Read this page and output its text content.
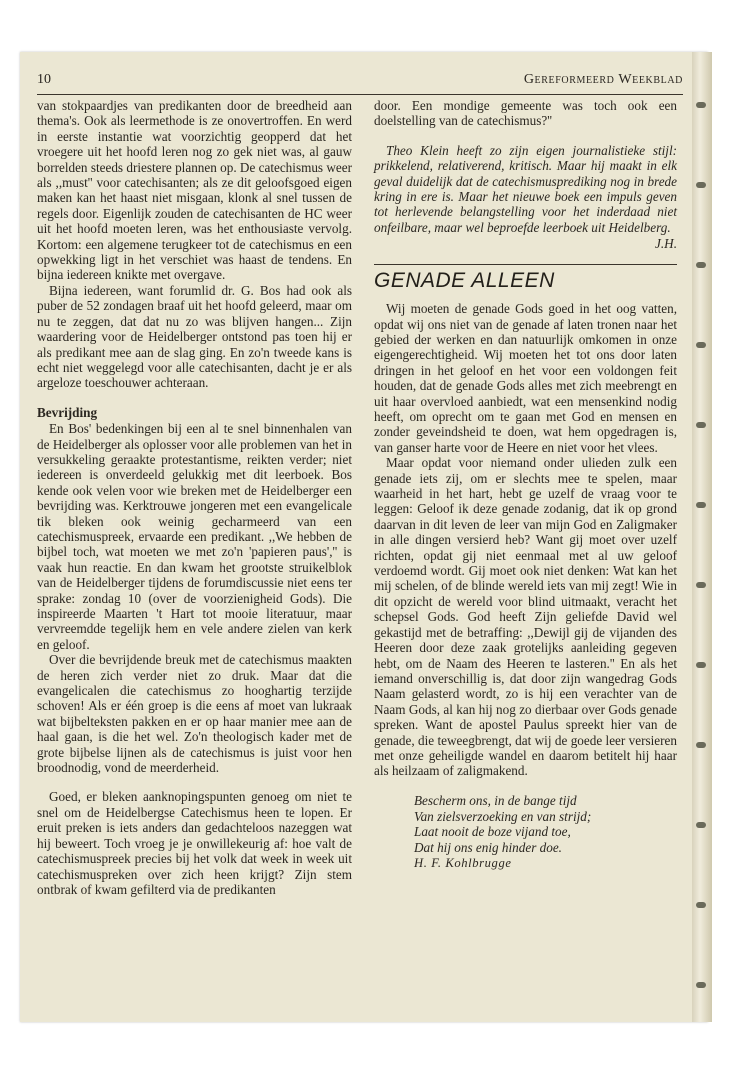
10	Gereformeerd Weekblad

van stokpaardjes van predikanten door de breedheid aan thema's. Ook als leermethode is ze onovertroffen. En werd in eerste instantie wat voorzichtig geopperd dat het vroegere uit het hoofd leren nog zo gek niet was, al gauw borrelden steeds driestere plannen op. De catechismus weer als ,,must'' voor catechisanten; als ze dit geloofsgoed eigen maken kan het haast niet misgaan, klonk al snel tussen de regels door. Eigenlijk zouden de catechisanten de HC weer uit het hoofd moeten leren, was het enthousiaste vervolg. Kortom: een algemene terugkeer tot de catechismus en een opwekking ligt in het verschiet was haast de tendens. En bijna iedereen knikte met overgave.

Bijna iedereen, want forumlid dr. G. Bos had ook als puber de 52 zondagen braaf uit het hoofd geleerd, maar om nu te zeggen, dat dat nu zo was blijven hangen... Zijn waardering voor de Heidelberger ontstond pas toen hij er als predikant mee aan de slag ging. En zo'n tweede kans is echt niet weggelegd voor alle catechisanten, dacht je er als argeloze toeschouwer achteraan.

Bevrijding

En Bos' bedenkingen bij een al te snel binnenhalen van de Heidelberger als oplosser voor alle problemen van het in versukkeling geraakte protestantisme, reikten verder; niet iedereen is onverdeeld gelukkig met dit leerboek. Bos kende ook velen voor wie breken met de Heidelberger een bevrijding was. Kerktrouwe jongeren met een evangelicale tik bleken ook weinig gecharmeerd van een catechismuspreek, ervaarde een predikant. ,,We hebben de bijbel toch, wat moeten we met zo'n 'papieren paus','' is vaak hun reactie. En dan kwam het grootste struikelblok van de Heidelberger tijdens de forumdiscussie niet eens ter sprake: zondag 10 (over de voorzienigheid Gods). Die inspireerde Maarten 't Hart tot mooie literatuur, maar vervreemdde tegelijk hem en vele andere zielen van kerk en geloof.

Over die bevrijdende breuk met de catechismus maakten de heren zich verder niet zo druk. Maar dat die evangelicalen die catechismus zo hooghartig terzijde schoven! Als er één groep is die eens af moet van lukraak wat bijbelteksten pakken en er op haar manier mee aan de haal gaan, is die het wel. Zo'n theologisch kader met de grote bijbelse lijnen als de catechismus is juist voor hen broodnodig, vond de meerderheid.

Goed, er bleken aanknopingspunten genoeg om niet te snel om de Heidelbergse Catechismus heen te lopen. Er eruit preken is iets anders dan gedachteloos nazeggen wat hij beweert. Toch vroeg je je onwillekeurig af: hoe valt de catechismuspreek precies bij het volk dat week in week uit catechismuspreken over zich heen krijgt? Zijn stem ontbrak of kwam gefilterd via de predikanten

door. Een mondige gemeente was toch ook een doelstelling van de catechismus?''

Theo Klein heeft zo zijn eigen journalistieke stijl: prikkelend, relativerend, kritisch. Maar hij maakt in elk geval duidelijk dat de catechismusprediking nog in brede kring in ere is. Maar het nieuwe boek een impuls geven tot herlevende belangstelling voor het inderdaad niet onfeilbare, maar wel beproefde leerboek uit Heidelberg.

J.H.
GENADE ALLEEN

Wij moeten de genade Gods goed in het oog vatten, opdat wij ons niet van de genade af laten tronen naar het gebied der werken en dan natuurlijk omkomen in onze eigengerechtigheid. Wij moeten het tot ons door laten dringen in het geloof en het voor een voldongen feit houden, dat de genade Gods alles met zich meebrengt en uit haar overvloed aanbiedt, wat een mensenkind nodig heeft, om oprecht om te gaan met God en mensen en zonder geveindsheid te doen, wat hem opgedragen is, van ganser harte voor de Heere en niet voor het vlees.

Maar opdat voor niemand onder ulieden zulk een genade iets zij, om er slechts mee te spelen, maar waarheid in het hart, hebt ge uzelf de vraag voor te leggen: Geloof ik deze genade zodanig, dat ik op grond daarvan in dit leven de leer van mijn God en Zaligmaker in alle dingen versierd heb? Want gij moet over uzelf richten, opdat gij niet eenmaal met al uw geloof verdoemd wordt. Gij moet ook niet denken: Wat kan het mij schelen, of de blinde wereld iets van mij zegt! Wie in dit opzicht de wereld voor blind uitmaakt, veracht het schepsel Gods. God heeft Zijn geliefde David wel gekastijd met de betraffing: ,,Dewijl gij de vijanden des Heeren door deze zaak grotelijks aanleiding gegeven hebt, om de Naam des Heeren te lasteren.'' En als het iemand onverschillig is, dat door zijn wangedrag Gods Naam gelasterd wordt, zo is hij een verachter van de Naam Gods, al kan hij nog zo dierbaar over Gods genade spreken. Want de apostel Paulus spreekt hier van de genade, die teweegbrengt, dat wij de goede leer versieren met onze geheiligde wandel en daarom betitelt hij haar als heilzaam of zaligmakend.

Bescherm ons, in de bange tijd
Van zielsverzoeking en van strijd;
Laat nooit de boze vijand toe,
Dat hij ons enig hinder doe.
H. F. Kohlbrugge
